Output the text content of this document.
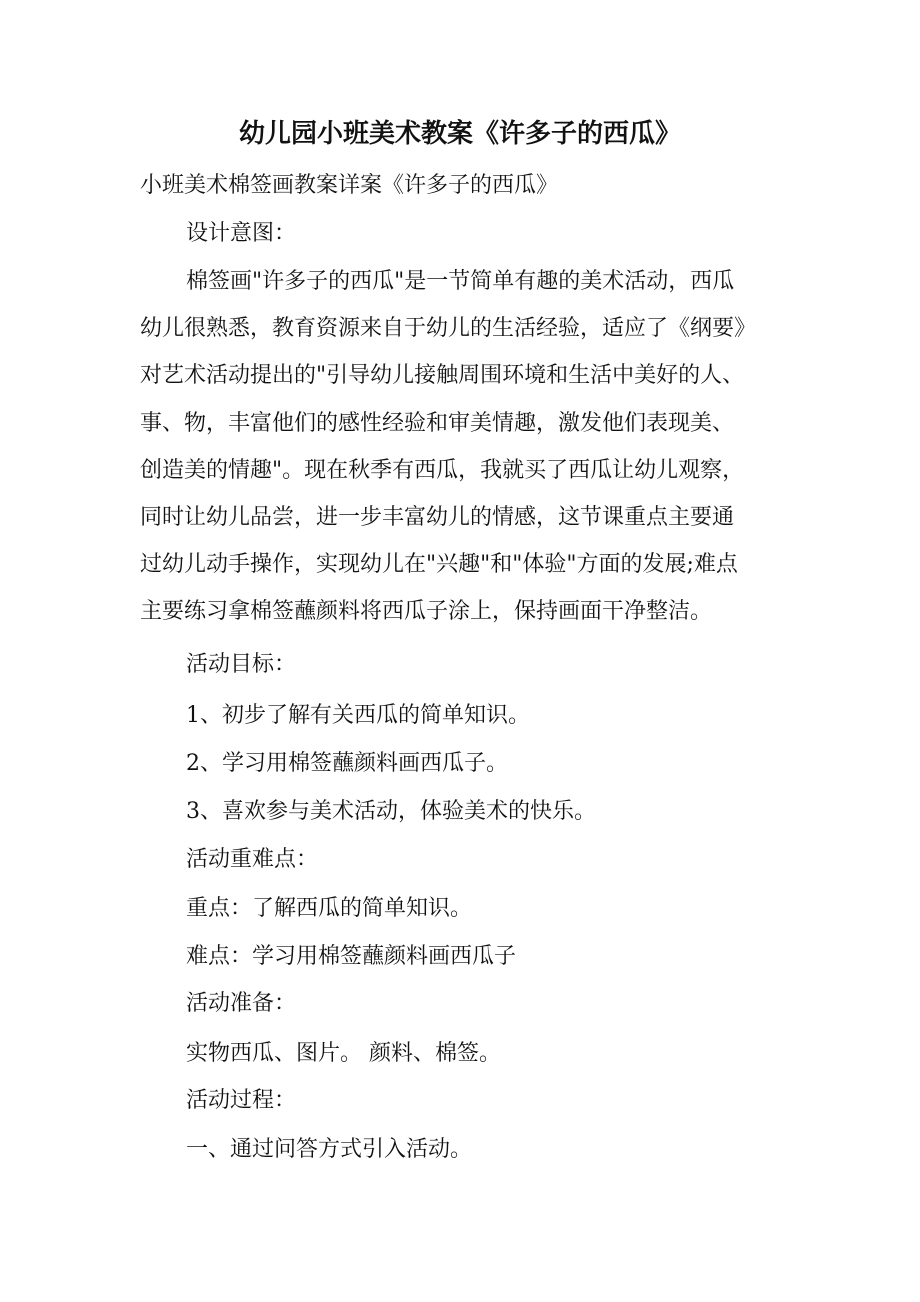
幼儿园小班美术教案《许多子的西瓜》
小班美术棉签画教案详案《许多子的西瓜》
设计意图：
棉签画"许多子的西瓜"是一节简单有趣的美术活动，西瓜
幼儿很熟悉，教育资源来自于幼儿的生活经验，适应了《纲要》
对艺术活动提出的"引导幼儿接触周围环境和生活中美好的人、
事、物，丰富他们的感性经验和审美情趣，激发他们表现美、
创造美的情趣"。现在秋季有西瓜，我就买了西瓜让幼儿观察，
同时让幼儿品尝，进一步丰富幼儿的情感，这节课重点主要通
过幼儿动手操作，实现幼儿在"兴趣"和"体验"方面的发展;难点
主要练习拿棉签蘸颜料将西瓜子涂上，保持画面干净整洁。
活动目标：
1、初步了解有关西瓜的简单知识。
2、学习用棉签蘸颜料画西瓜子。
3、喜欢参与美术活动，体验美术的快乐。
活动重难点：
重点：了解西瓜的简单知识。
难点：学习用棉签蘸颜料画西瓜子
活动准备：
实物西瓜、图片。 颜料、棉签。
活动过程：
一、通过问答方式引入活动。
